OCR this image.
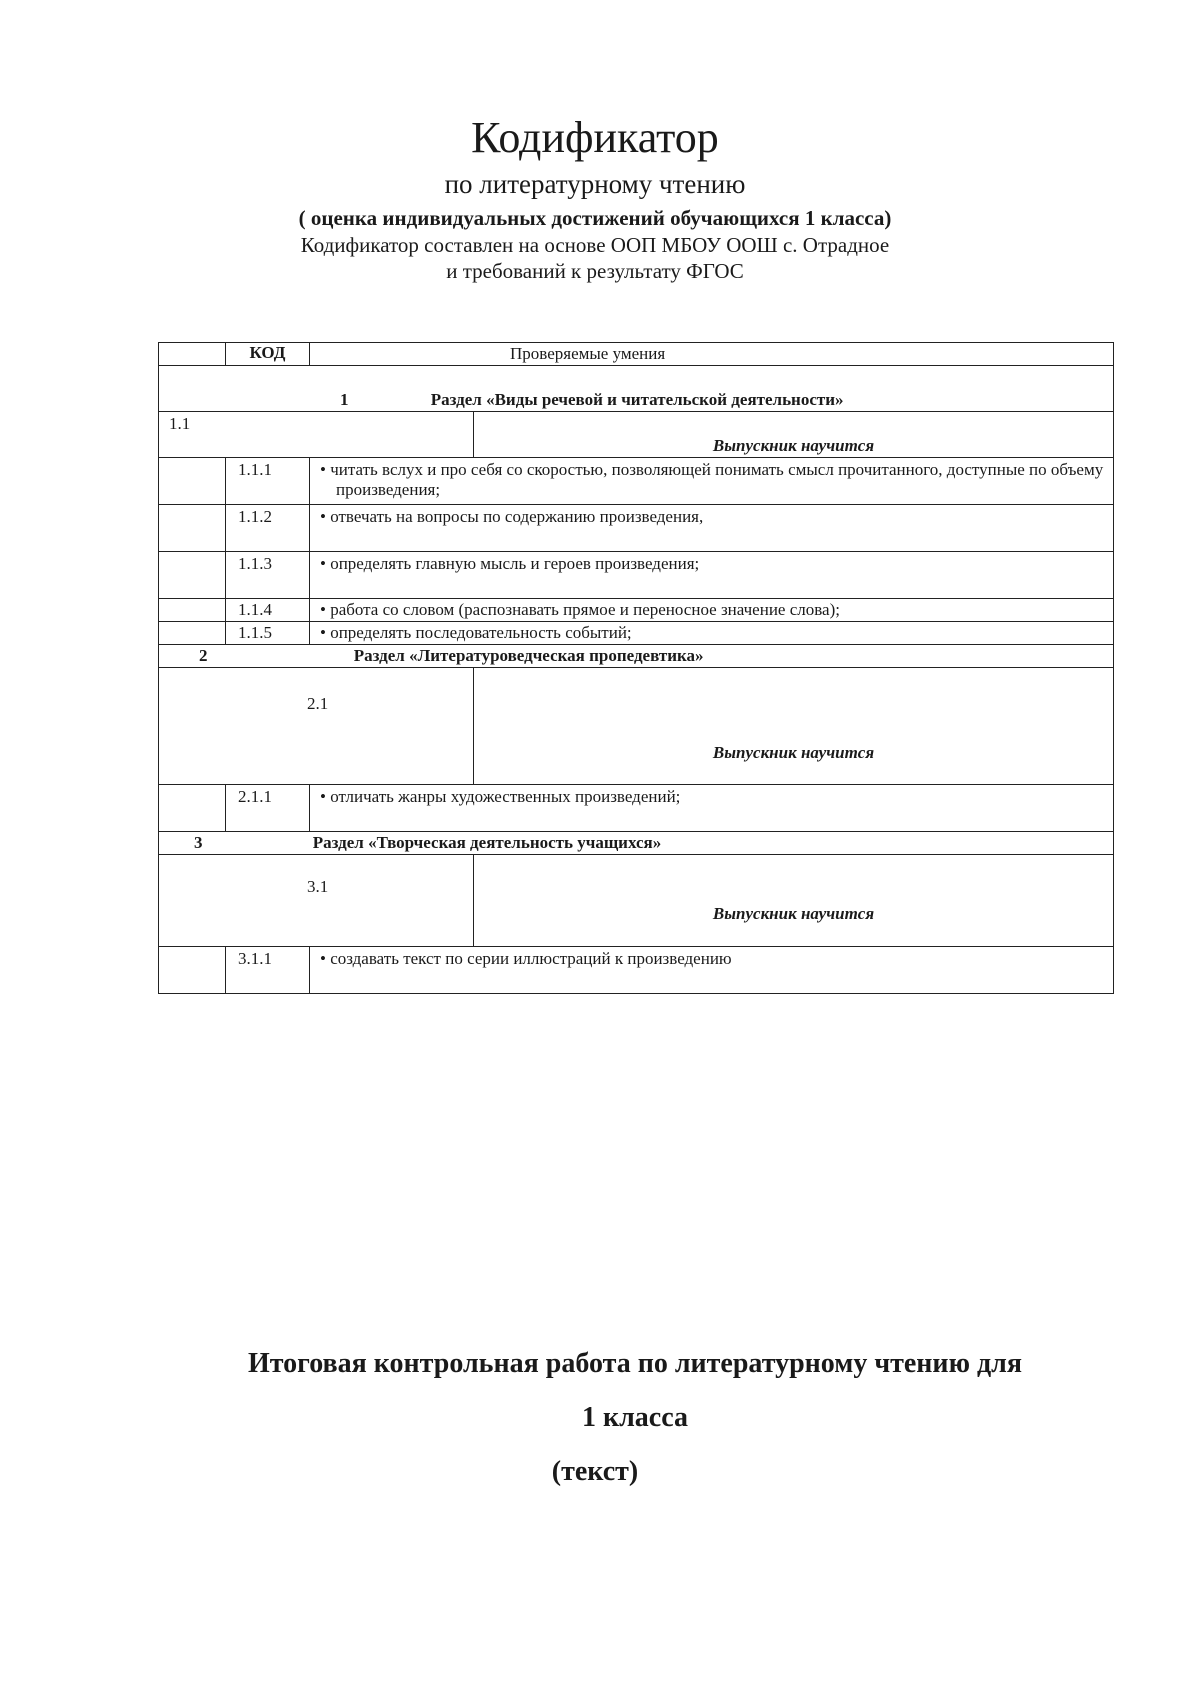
Кодификатор
по литературному чтению
( оценка индивидуальных достижений обучающихся 1 класса)
Кодификатор составлен на основе ООП МБОУ ООШ с. Отрадное
и требований к результату ФГОС
	КОД	Проверяемые умения	
1 Раздел «Виды речевой и читательской деятельности»			
1.1			Выпускник научится
	1.1.1	• читать вслух и про себя со скоростью, позволяющей понимать смысл прочитанного, доступные по объему произведения;	

	1.1.2	• отвечать на вопросы по содержанию произведения,	

	1.1.3	• определять главную мысль и героев произведения;	

	1.1.4	• работа со словом (распознавать прямое и переносное значение слова);	

	1.1.5	• определять последовательность событий;	

2 Раздел «Литературоведческая пропедевтика»			
2.1			Выпускник научится
	2.1.1	• отличать жанры художественных произведений;	

3 Раздел «Творческая деятельность учащихся»			
3.1			Выпускник научится
	3.1.1	• создавать текст по серии иллюстраций к произведению	
Итоговая контрольная работа по литературному чтению для
1 класса
(текст)
